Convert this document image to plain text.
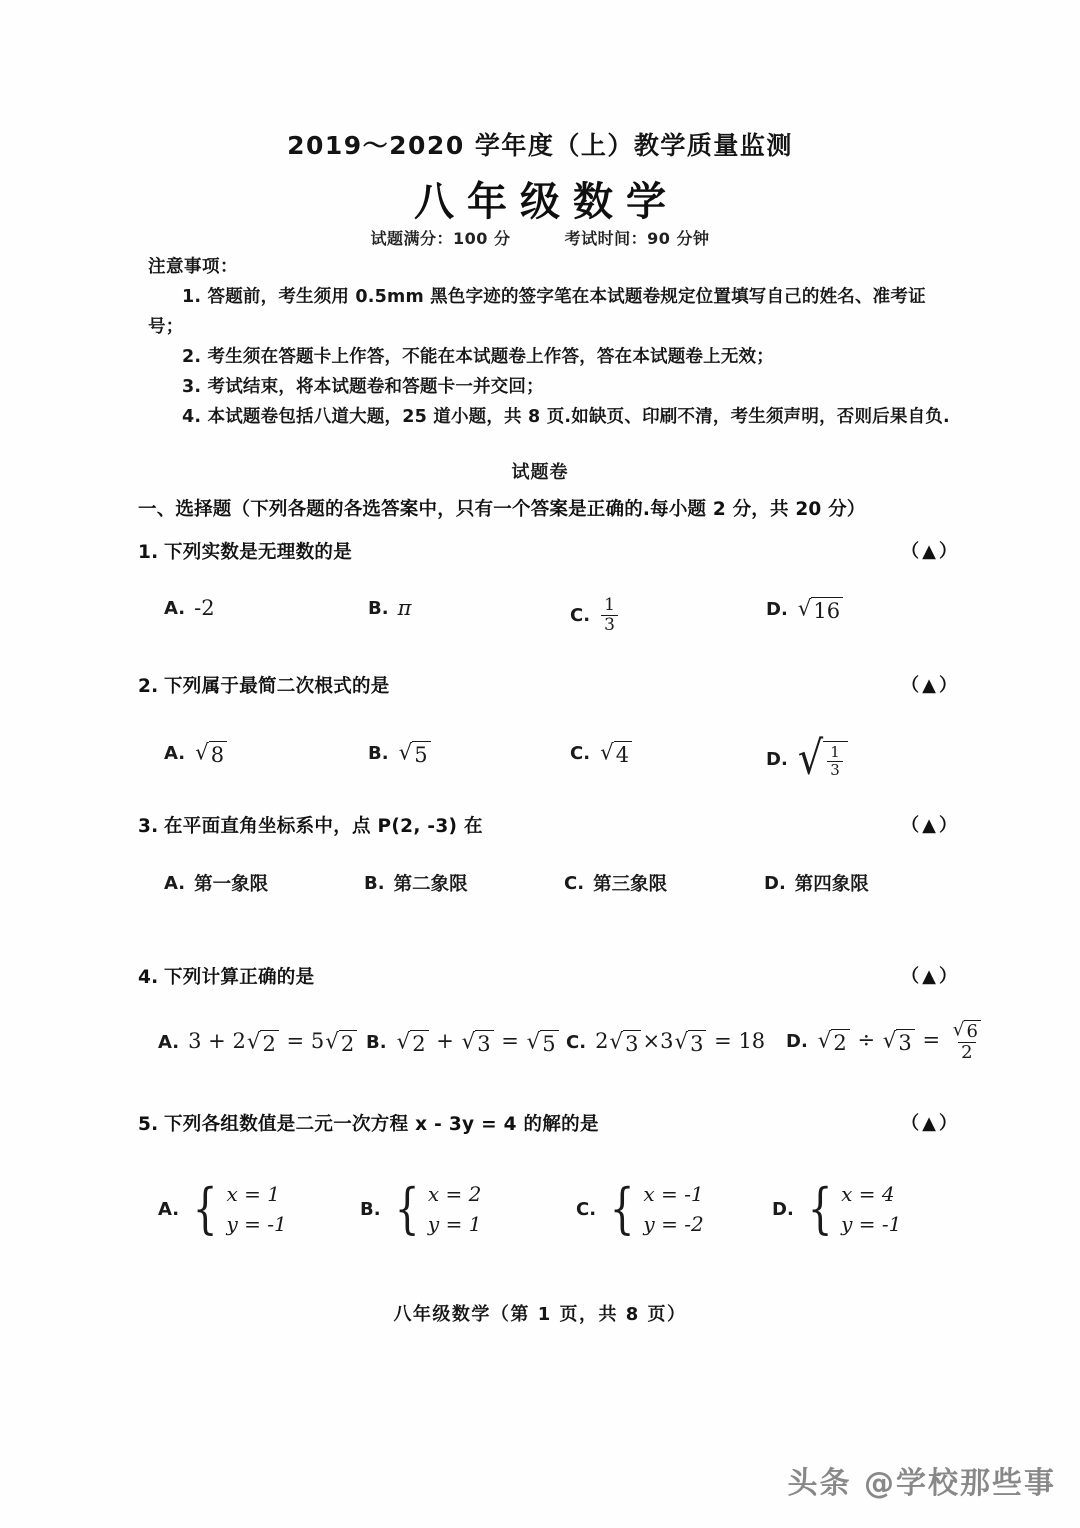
2019～2020 学年度（上）教学质量监测
八年级数学
试题满分：100 分	考试时间：90 分钟
注意事项：
1. 答题前，考生须用 0.5mm 黑色字迹的签字笔在本试题卷规定位置填写自己的姓名、准考证号；
2. 考生须在答题卡上作答，不能在本试题卷上作答，答在本试题卷上无效；
3. 考试结束，将本试题卷和答题卡一并交回；
4. 本试题卷包括八道大题，25 道小题，共 8 页.如缺页、印刷不清，考生须声明，否则后果自负.
试题卷
一、选择题（下列各题的各选答案中，只有一个答案是正确的.每小题 2 分，共 20 分）
1. 下列实数是无理数的是	（▲）
A. -2	B. π	C. $\frac{1}{3}$	D. √ 16
2. 下列属于最简二次根式的是	（▲）
A. √ 8	B. √ 5	C. √ 4	D. √ $\frac{1}{3}$
3. 在平面直角坐标系中，点 P(2, -3) 在	（▲）
A. 第一象限	B. 第二象限	C. 第三象限	D. 第四象限
4. 下列计算正确的是	（▲）
A. 3 + 2 √ 2 = 5 √ 2 B. √ 2 + √ 3 = √ 5 C. 2 √ 3 ×3 √ 3 = 18 D. √ 2 ÷ √ $3 = \frac{√ 6}{2}$
5. 下列各组数值是二元一次方程 x - 3y = 4 的解的是	（▲）
A. { x = 1
y = -1
B. { x = 2
y = 1
C. { x = -1
y = -2
D. { x = 4
y = -1
八年级数学（第 1 页，共 8 页）
头条 @学校那些事
